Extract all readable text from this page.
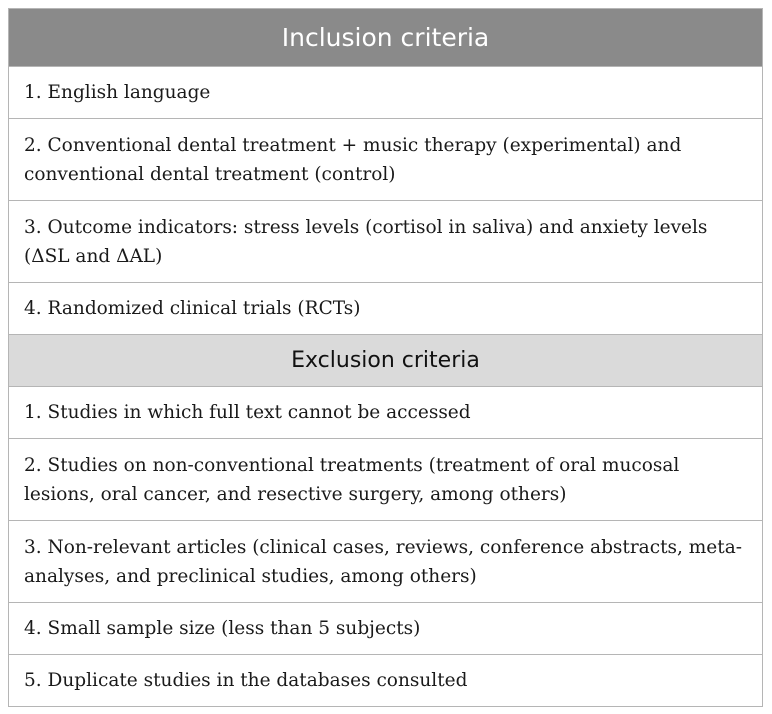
Inclusion criteria
1. English language
2. Conventional dental treatment + music therapy (experimental) and conventional dental treatment (control)
3. Outcome indicators: stress levels (cortisol in saliva) and anxiety levels (ΔSL and ΔAL)
4. Randomized clinical trials (RCTs)
Exclusion criteria
1. Studies in which full text cannot be accessed
2. Studies on non-conventional treatments (treatment of oral mucosal lesions, oral cancer, and resective surgery, among others)
3. Non-relevant articles (clinical cases, reviews, conference abstracts, meta-analyses, and preclinical studies, among others)
4. Small sample size (less than 5 subjects)
5. Duplicate studies in the databases consulted
